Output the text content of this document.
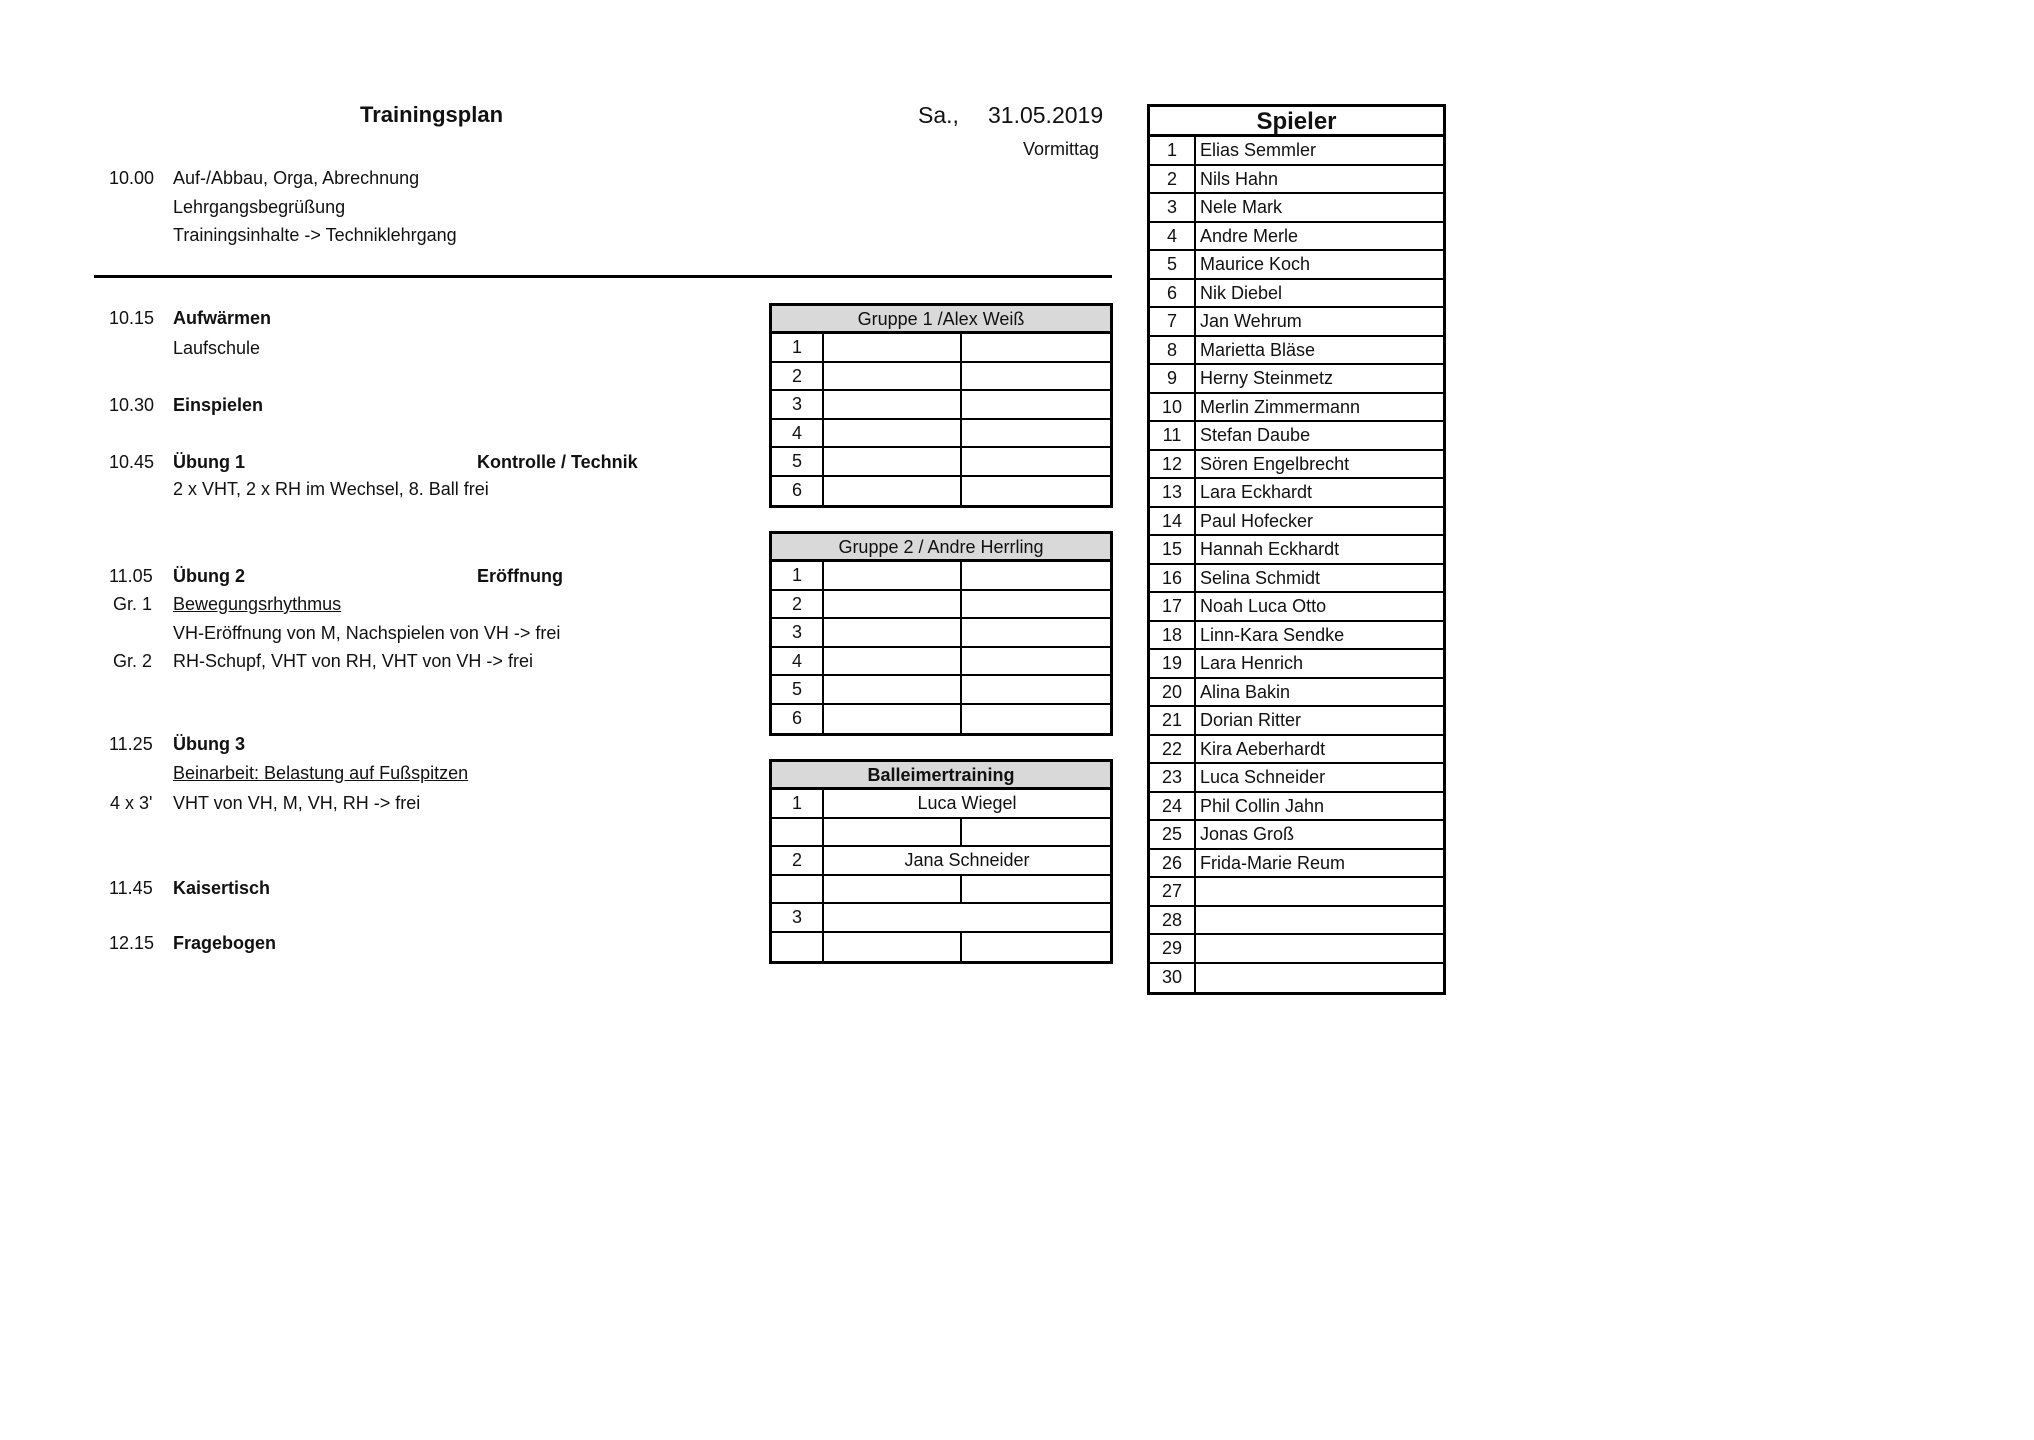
Trainingsplan	Sa., 31.05.2019
Vormittag
10.00 Auf-/Abbau, Orga, Abrechnung
Lehrgangsbegrüßung
Trainingsinhalte -> Techniklehrgang
10.15 Aufwärmen
Laufschule
10.30 Einspielen
10.45 Übung 1	Kontrolle / Technik
2 x VHT, 2 x RH im Wechsel, 8. Ball frei
11.05 Übung 2	Eröffnung
Gr. 1 Bewegungsrhythmus
VH-Eröffnung von M, Nachspielen von VH -> frei
Gr. 2 RH-Schupf, VHT von RH, VHT von VH -> frei
11.25 Übung 3
Beinarbeit: Belastung auf Fußspitzen
4 x 3' VHT von VH, M, VH, RH -> frei
11.45 Kaisertisch
12.15 Fragebogen
Gruppe 1 /Alex Weiß
1
2
3
4
5
6
Gruppe 2 / Andre Herrling
1
2
3
4
5
6
Balleimertraining
1	Luca Wiegel
2	Jana Schneider
3
Spieler
1	Elias Semmler
2	Nils Hahn
3	Nele Mark
4	Andre Merle
5	Maurice Koch
6	Nik Diebel
7	Jan Wehrum
8	Marietta Bläse
9	Herny Steinmetz
10 Merlin Zimmermann
11	Stefan Daube
12 Sören Engelbrecht
13 Lara Eckhardt
14 Paul Hofecker
15 Hannah Eckhardt
16 Selina Schmidt
17 Noah Luca Otto
18 Linn-Kara Sendke
19 Lara Henrich
20 Alina Bakin
21 Dorian Ritter
22 Kira Aeberhardt
23 Luca Schneider
24 Phil Collin Jahn
25 Jonas Groß
26 Frida-Marie Reum
27
28
29
30
